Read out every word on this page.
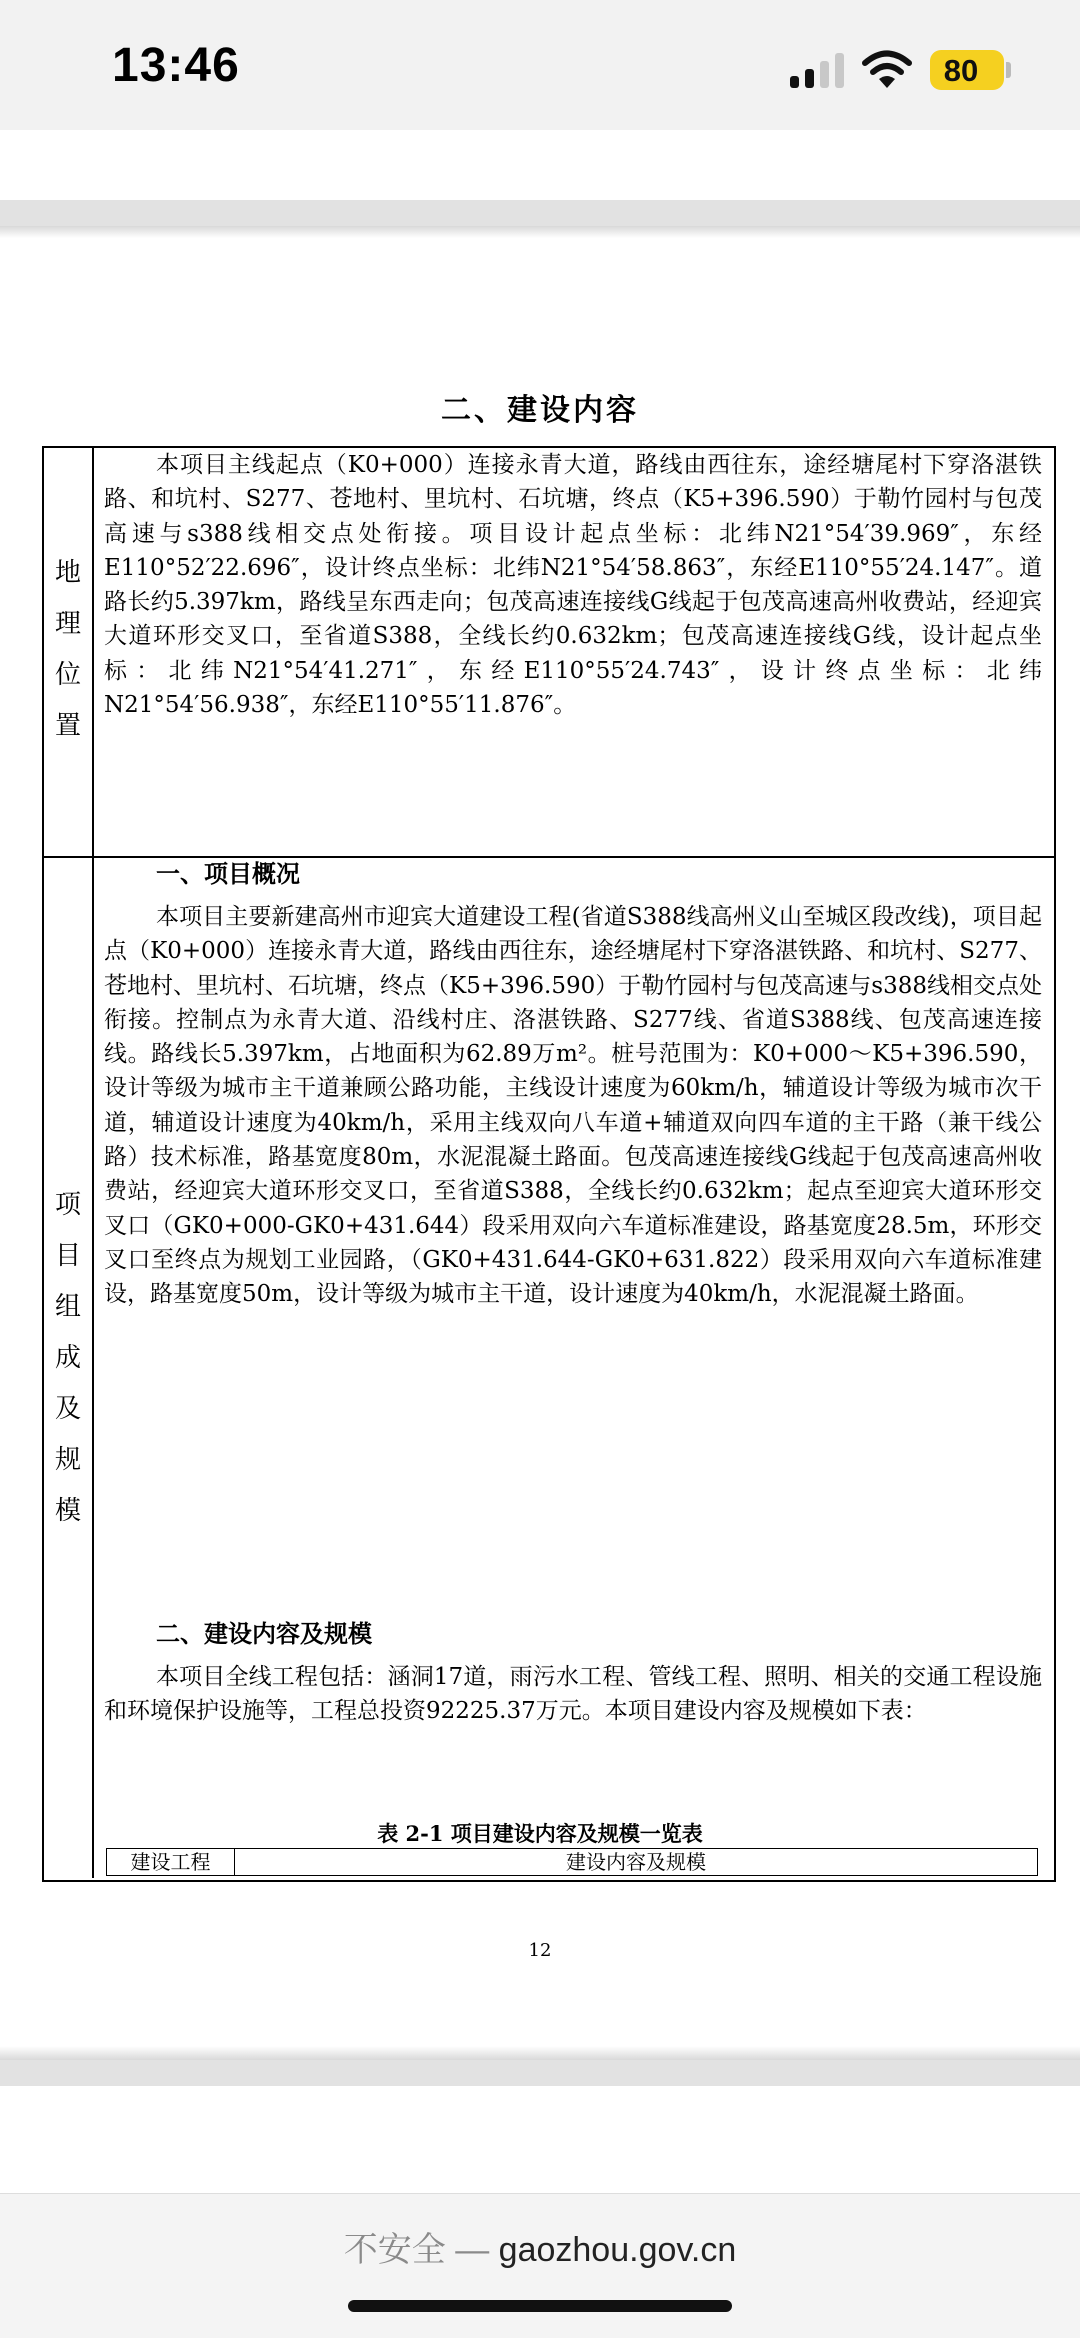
13:46	80
二、建设内容
地
理
位
置

本项目主线起点（K0+000）连接永青大道，路线由西往东，途经塘尾村下穿洛湛铁路、和坑村、S277、苍地村、里坑村、石坑塘，终点（K5+396.590）于勒竹园村与包茂高速与s388线相交点处衔接。项目设计起点坐标：北纬N21°54′39.969″，东经E110°52′22.696″，设计终点坐标：北纬N21°54′58.863″，东经E110°55′24.147″。道路长约5.397km，路线呈东西走向；包茂高速连接线G线起于包茂高速高州收费站，经迎宾大道环形交叉口，至省道S388，全线长约0.632km；包茂高速连接线G线，设计起点坐标：北纬N21°54′41.271″，东经E110°55′24.743″，设计终点坐标：北纬N21°54′56.938″，东经E110°55′11.876″。

项
目
组
成
及
规
模
一、项目概况

本项目主要新建高州市迎宾大道建设工程(省道S388线高州义山至城区段改线)，项目起点（K0+000）连接永青大道，路线由西往东，途经塘尾村下穿洛湛铁路、和坑村、S277、苍地村、里坑村、石坑塘，终点（K5+396.590）于勒竹园村与包茂高速与s388线相交点处衔接。控制点为永青大道、沿线村庄、洛湛铁路、S277线、省道S388线、包茂高速连接线。路线长5.397km，占地面积为62.89万m²。桩号范围为：K0+000～K5+396.590，设计等级为城市主干道兼顾公路功能，主线设计速度为60km/h，辅道设计等级为城市次干道，辅道设计速度为40km/h，采用主线双向八车道+辅道双向四车道的主干路（兼干线公路）技术标准，路基宽度80m，水泥混凝土路面。包茂高速连接线G线起于包茂高速高州收费站，经迎宾大道环形交叉口，至省道S388，全线长约0.632km；起点至迎宾大道环形交叉口（GK0+000-GK0+431.644）段采用双向六车道标准建设，路基宽度28.5m，环形交叉口至终点为规划工业园路，（GK0+431.644-GK0+631.822）段采用双向六车道标准建设，路基宽度50m，设计等级为城市主干道，设计速度为40km/h，水泥混凝土路面。

二、建设内容及规模

本项目全线工程包括：涵洞17道，雨污水工程、管线工程、照明、相关的交通工程设施和环境保护设施等，工程总投资92225.37万元。本项目建设内容及规模如下表：

表 2-1 项目建设内容及规模一览表
建设工程	建设内容及规模
12
不安全 — gaozhou.gov.cn
